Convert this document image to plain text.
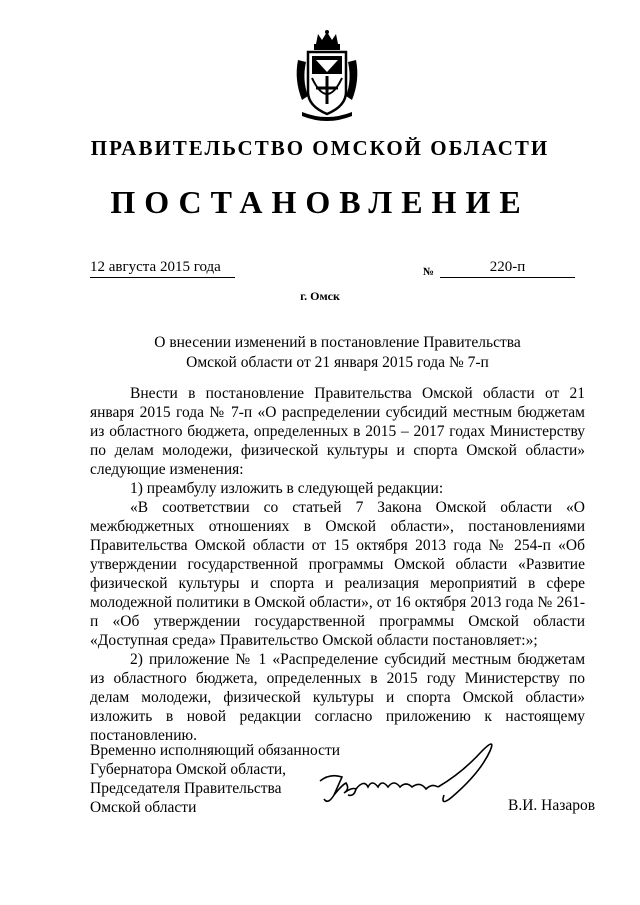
ПРАВИТЕЛЬСТВО ОМСКОЙ ОБЛАСТИ
ПОСТАНОВЛЕНИЕ
12 августа 2015 года	№	220-п
г. Омск
О внесении изменений в постановление Правительства
Омской области от 21 января 2015 года № 7-п

Внести в постановление Правительства Омской области от 21 января 2015 года № 7-п «О распределении субсидий местным бюджетам из областного бюджета, определенных в 2015 – 2017 годах Министерству по делам молодежи, физической культуры и спорта Омской области» следующие изменения:

1) преамбулу изложить в следующей редакции:

«В соответствии со статьей 7 Закона Омской области «О межбюджетных отношениях в Омской области», постановлениями Правительства Омской области от 15 октября 2013 года № 254-п «Об утверждении государственной программы Омской области «Развитие физической культуры и спорта и реализация мероприятий в сфере молодежной политики в Омской области», от 16 октября 2013 года № 261-п «Об утверждении государственной программы Омской области «Доступная среда» Правительство Омской области постановляет:»;

2) приложение № 1 «Распределение субсидий местным бюджетам из областного бюджета, определенных в 2015 году Министерству по делам молодежи, физической культуры и спорта Омской области» изложить в новой редакции согласно приложению к настоящему постановлению.

Временно исполняющий обязанности
Губернатора Омской области,
Председателя Правительства
Омской области	В.И. Назаров
